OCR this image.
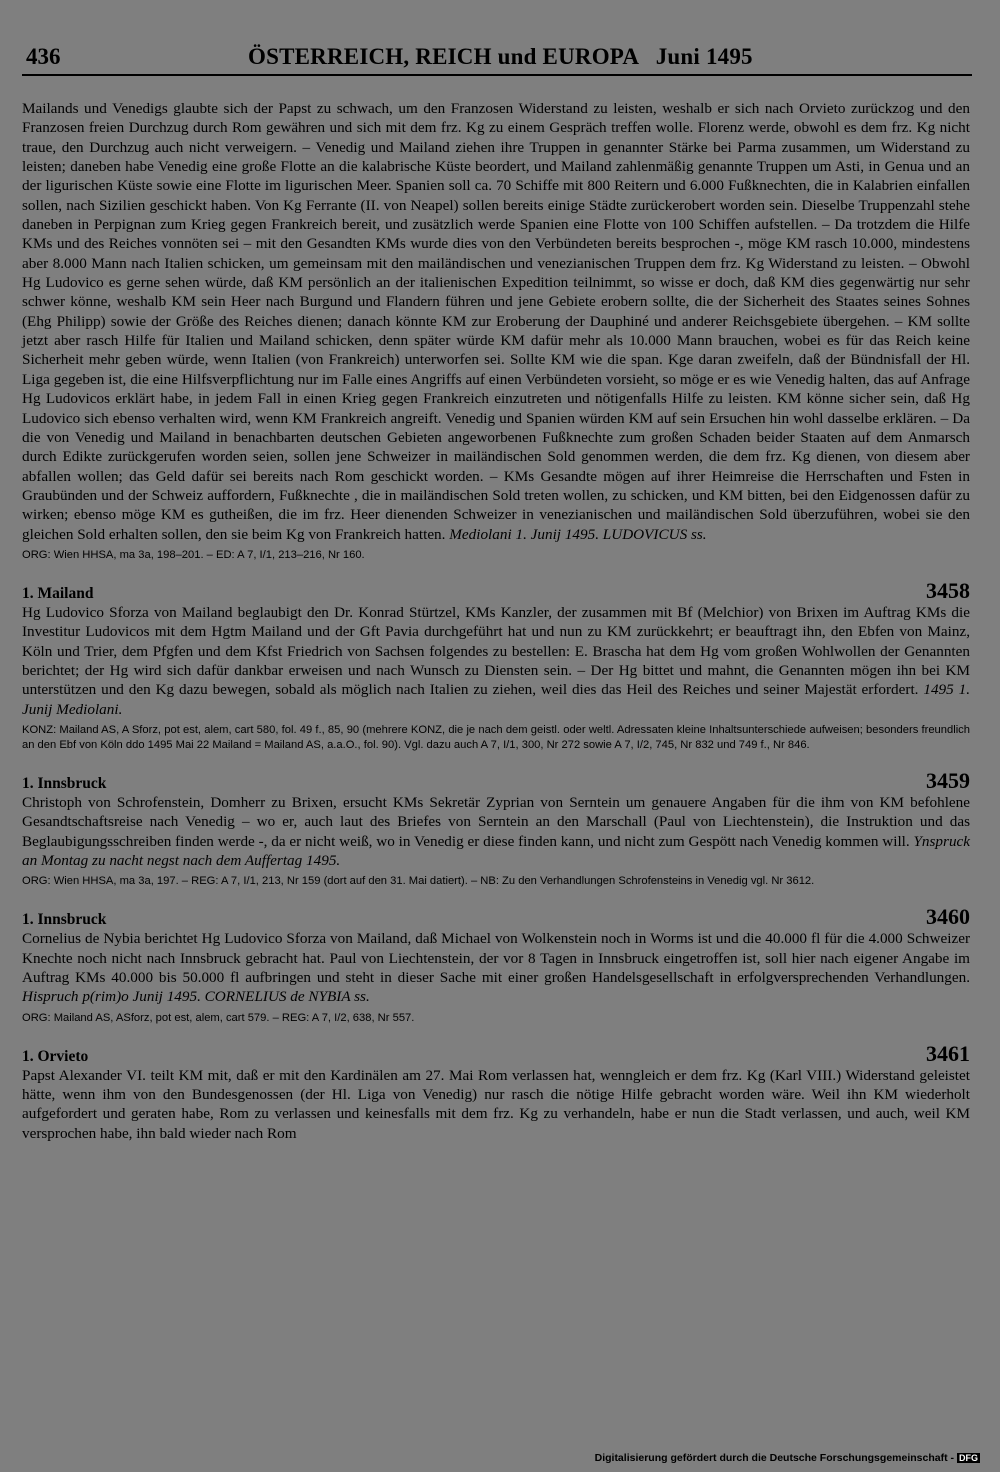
436	ÖSTERREICH, REICH und EUROPA   Juni 1495

Mailands und Venedigs glaubte sich der Papst zu schwach, um den Franzosen Widerstand zu leisten, weshalb er sich nach Orvieto zurückzog und den Franzosen freien Durchzug durch Rom gewähren und sich mit dem frz. Kg zu einem Gespräch treffen wolle. Florenz werde, obwohl es dem frz. Kg nicht traue, den Durchzug auch nicht verweigern. – Venedig und Mailand ziehen ihre Truppen in genannter Stärke bei Parma zusammen, um Widerstand zu leisten; daneben habe Venedig eine große Flotte an die kalabrische Küste beordert, und Mailand zahlenmäßig genannte Truppen um Asti, in Genua und an der ligurischen Küste sowie eine Flotte im ligurischen Meer. Spanien soll ca. 70 Schiffe mit 800 Reitern und 6.000 Fußknechten, die in Kalabrien einfallen sollen, nach Sizilien geschickt haben. Von Kg Ferrante (II. von Neapel) sollen bereits einige Städte zurückerobert worden sein. Dieselbe Truppenzahl stehe daneben in Perpignan zum Krieg gegen Frankreich bereit, und zusätzlich werde Spanien eine Flotte von 100 Schiffen aufstellen. – Da trotzdem die Hilfe KMs und des Reiches vonnöten sei – mit den Gesandten KMs wurde dies von den Verbündeten bereits besprochen -, möge KM rasch 10.000, mindestens aber 8.000 Mann nach Italien schicken, um gemeinsam mit den mailändischen und venezianischen Truppen dem frz. Kg Widerstand zu leisten. – Obwohl Hg Ludovico es gerne sehen würde, daß KM persönlich an der italienischen Expedition teilnimmt, so wisse er doch, daß KM dies gegenwärtig nur sehr schwer könne, weshalb KM sein Heer nach Burgund und Flandern führen und jene Gebiete erobern sollte, die der Sicherheit des Staates seines Sohnes (Ehg Philipp) sowie der Größe des Reiches dienen; danach könnte KM zur Eroberung der Dauphiné und anderer Reichsgebiete übergehen. – KM sollte jetzt aber rasch Hilfe für Italien und Mailand schicken, denn später würde KM dafür mehr als 10.000 Mann brauchen, wobei es für das Reich keine Sicherheit mehr geben würde, wenn Italien (von Frankreich) unterworfen sei. Sollte KM wie die span. Kge daran zweifeln, daß der Bündnisfall der Hl. Liga gegeben ist, die eine Hilfsverpflichtung nur im Falle eines Angriffs auf einen Verbündeten vorsieht, so möge er es wie Venedig halten, das auf Anfrage Hg Ludovicos erklärt habe, in jedem Fall in einen Krieg gegen Frankreich einzutreten und nötigenfalls Hilfe zu leisten. KM könne sicher sein, daß Hg Ludovico sich ebenso verhalten wird, wenn KM Frankreich angreift. Venedig und Spanien würden KM auf sein Ersuchen hin wohl dasselbe erklären. – Da die von Venedig und Mailand in benachbarten deutschen Gebieten angeworbenen Fußknechte zum großen Schaden beider Staaten auf dem Anmarsch durch Edikte zurückgerufen worden seien, sollen jene Schweizer in mailändischen Sold genommen werden, die dem frz. Kg dienen, von diesem aber abfallen wollen; das Geld dafür sei bereits nach Rom geschickt worden. – KMs Gesandte mögen auf ihrer Heimreise die Herrschaften und Fsten in Graubünden und der Schweiz auffordern, Fußknechte , die in mailändischen Sold treten wollen, zu schicken, und KM bitten, bei den Eidgenossen dafür zu wirken; ebenso möge KM es gutheißen, die im frz. Heer dienenden Schweizer in venezianischen und mailändischen Sold überzuführen, wobei sie den gleichen Sold erhalten sollen, den sie beim Kg von Frankreich hatten. Mediolani 1. Junij 1495. LUDOVICUS ss.

ORG: Wien HHSA, ma 3a, 198–201. – ED: A 7, I/1, 213–216, Nr 160.

1. Mailand	3458

Hg Ludovico Sforza von Mailand beglaubigt den Dr. Konrad Stürtzel, KMs Kanzler, der zusammen mit Bf (Melchior) von Brixen im Auftrag KMs die Investitur Ludovicos mit dem Hgtm Mailand und der Gft Pavia durchgeführt hat und nun zu KM zurückkehrt; er beauftragt ihn, den Ebfen von Mainz, Köln und Trier, dem Pfgfen und dem Kfst Friedrich von Sachsen folgendes zu bestellen: E. Brascha hat dem Hg vom großen Wohlwollen der Genannten berichtet; der Hg wird sich dafür dankbar erweisen und nach Wunsch zu Diensten sein. – Der Hg bittet und mahnt, die Genannten mögen ihn bei KM unterstützen und den Kg dazu bewegen, sobald als möglich nach Italien zu ziehen, weil dies das Heil des Reiches und seiner Majestät erfordert. 1495 1. Junij Mediolani.

KONZ: Mailand AS, A Sforz, pot est, alem, cart 580, fol. 49 f., 85, 90 (mehrere KONZ, die je nach dem geistl. oder weltl. Adressaten kleine Inhaltsunterschiede aufweisen; besonders freundlich an den Ebf von Köln ddo 1495 Mai 22 Mailand = Mailand AS, a.a.O., fol. 90). Vgl. dazu auch A 7, I/1, 300, Nr 272 sowie A 7, I/2, 745, Nr 832 und 749 f., Nr 846.

1. Innsbruck	3459

Christoph von Schrofenstein, Domherr zu Brixen, ersucht KMs Sekretär Zyprian von Serntein um genauere Angaben für die ihm von KM befohlene Gesandtschaftsreise nach Venedig – wo er, auch laut des Briefes von Serntein an den Marschall (Paul von Liechtenstein), die Instruktion und das Beglaubigungsschreiben finden werde -, da er nicht weiß, wo in Venedig er diese finden kann, und nicht zum Gespött nach Venedig kommen will. Ynspruck an Montag zu nacht negst nach dem Auffertag 1495.

ORG: Wien HHSA, ma 3a, 197. – REG: A 7, I/1, 213, Nr 159 (dort auf den 31. Mai datiert). – NB: Zu den Verhandlungen Schrofensteins in Venedig vgl. Nr 3612.

1. Innsbruck	3460

Cornelius de Nybia berichtet Hg Ludovico Sforza von Mailand, daß Michael von Wolkenstein noch in Worms ist und die 40.000 fl für die 4.000 Schweizer Knechte noch nicht nach Innsbruck gebracht hat. Paul von Liechtenstein, der vor 8 Tagen in Innsbruck eingetroffen ist, soll hier nach eigener Angabe im Auftrag KMs 40.000 bis 50.000 fl aufbringen und steht in dieser Sache mit einer großen Handelsgesellschaft in erfolgversprechenden Verhandlungen. Hispruch p(rim)o Junij 1495. CORNELIUS de NYBIA ss.

ORG: Mailand AS, ASforz, pot est, alem, cart 579. – REG: A 7, I/2, 638, Nr 557.

1. Orvieto	3461

Papst Alexander VI. teilt KM mit, daß er mit den Kardinälen am 27. Mai Rom verlassen hat, wenngleich er dem frz. Kg (Karl VIII.) Widerstand geleistet hätte, wenn ihm von den Bundesgenossen (der Hl. Liga von Venedig) nur rasch die nötige Hilfe gebracht worden wäre. Weil ihn KM wiederholt aufgefordert und geraten habe, Rom zu verlassen und keinesfalls mit dem frz. Kg zu verhandeln, habe er nun die Stadt verlassen, und auch, weil KM versprochen habe, ihn bald wieder nach Rom

Digitalisierung gefördert durch die Deutsche Forschungsgemeinschaft - DFG
